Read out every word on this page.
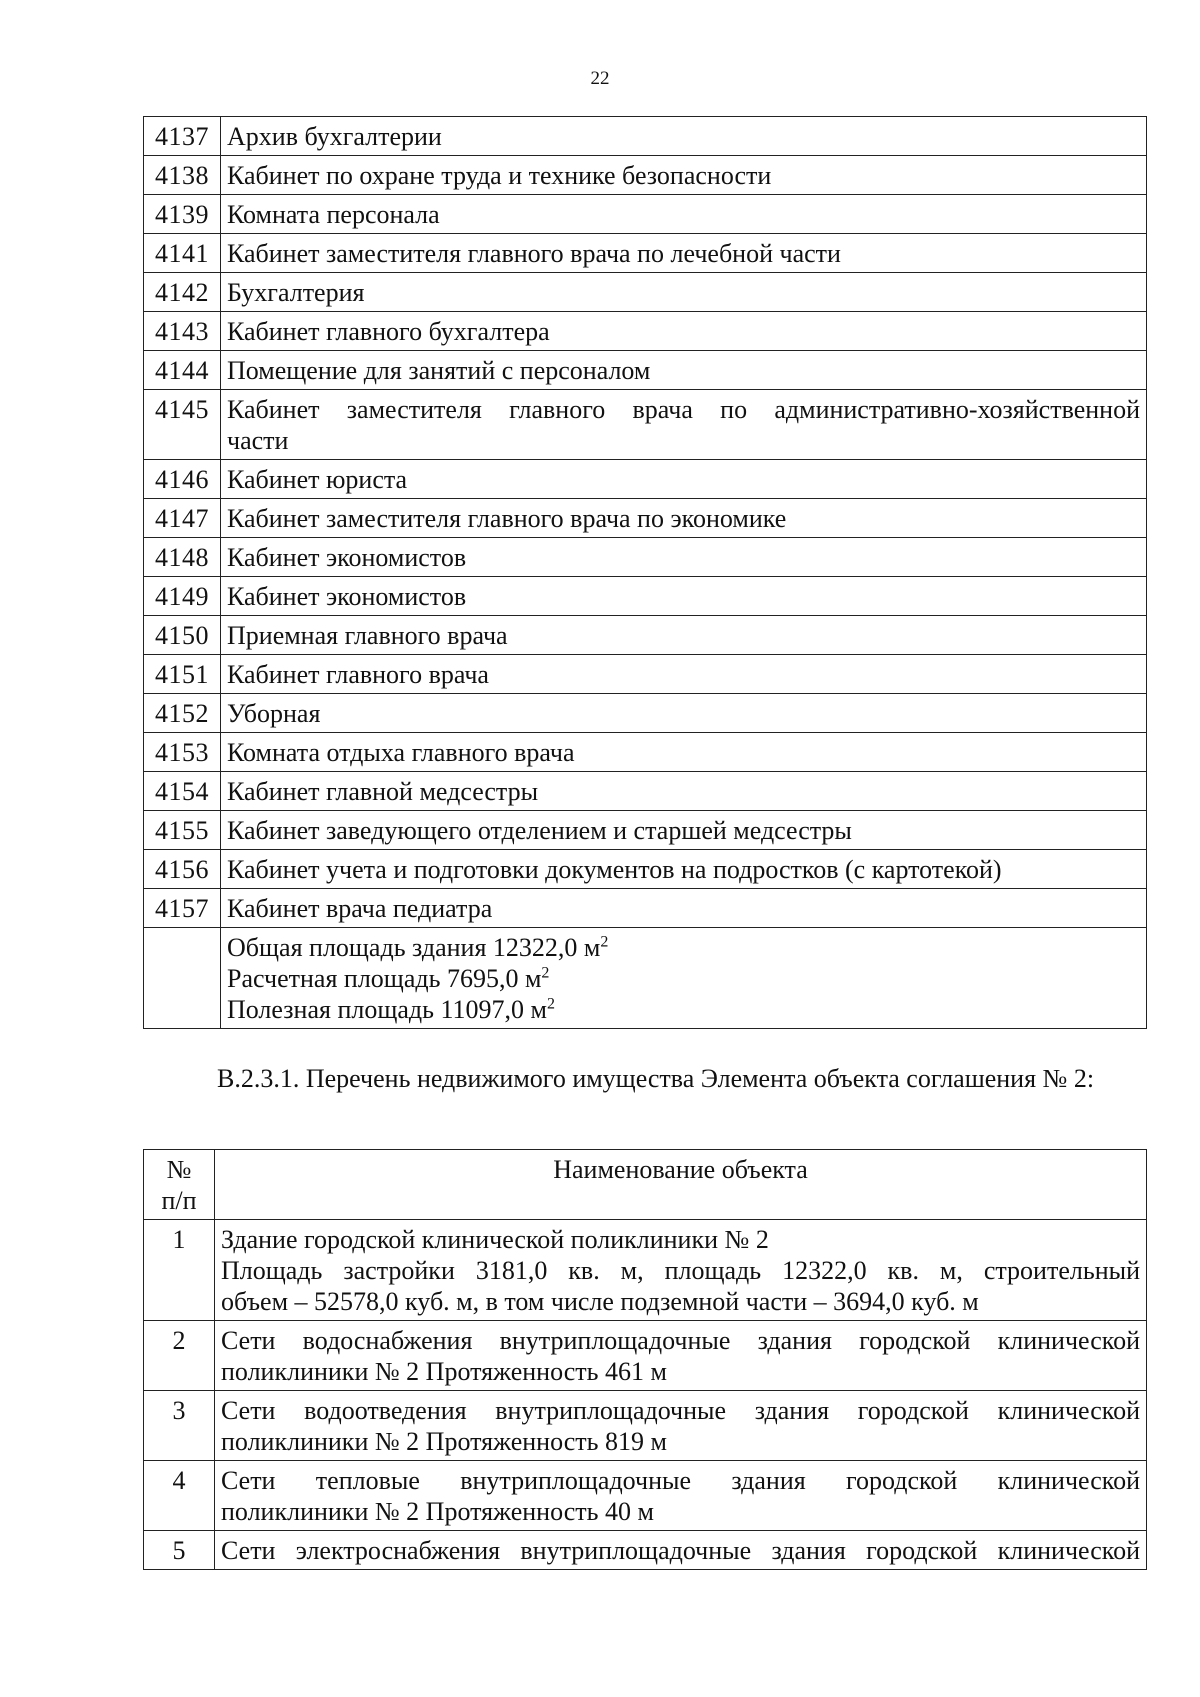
22
4137	Архив бухгалтерии
4138	Кабинет по охране труда и технике безопасности
4139	Комната персонала
4141	Кабинет заместителя главного врача по лечебной части
4142	Бухгалтерия
4143	Кабинет главного бухгалтера
4144	Помещение для занятий с персоналом
4145	Кабинет заместителя главного врача по административно-хозяйственной
части

4146	Кабинет юриста
4147	Кабинет заместителя главного врача по экономике
4148	Кабинет экономистов
4149	Кабинет экономистов
4150	Приемная главного врача
4151	Кабинет главного врача
4152	Уборная
4153	Комната отдыха главного врача
4154	Кабинет главной медсестры
4155	Кабинет заведующего отделением и старшей медсестры
4156	Кабинет учета и подготовки документов на подростков (с картотекой)
4157	Кабинет врача педиатра

	Общая площадь здания 12322,0 $м^2$
Расчетная площадь 7695,0 $м^2$
Полезная площадь 11097,0 $м^2$
В.2.3.1. Перечень недвижимого имущества Элемента объекта соглашения № 2:
№
п/п	Наименование объекта
1	Здание городской клинической поликлиники № 2
Площадь застройки 3181,0 кв. м, площадь 12322,0 кв. м, строительный
объем – 52578,0 куб. м, в том числе подземной части – 3694,0 куб. м

2	Сети водоснабжения внутриплощадочные здания городской клинической
поликлиники № 2 Протяженность 461 м

3	Сети водоотведения внутриплощадочные здания городской клинической
поликлиники № 2 Протяженность 819 м

4	Сети тепловые внутриплощадочные здания городской клинической
поликлиники № 2 Протяженность 40 м

5	Сети электроснабжения внутриплощадочные здания городской клинической
